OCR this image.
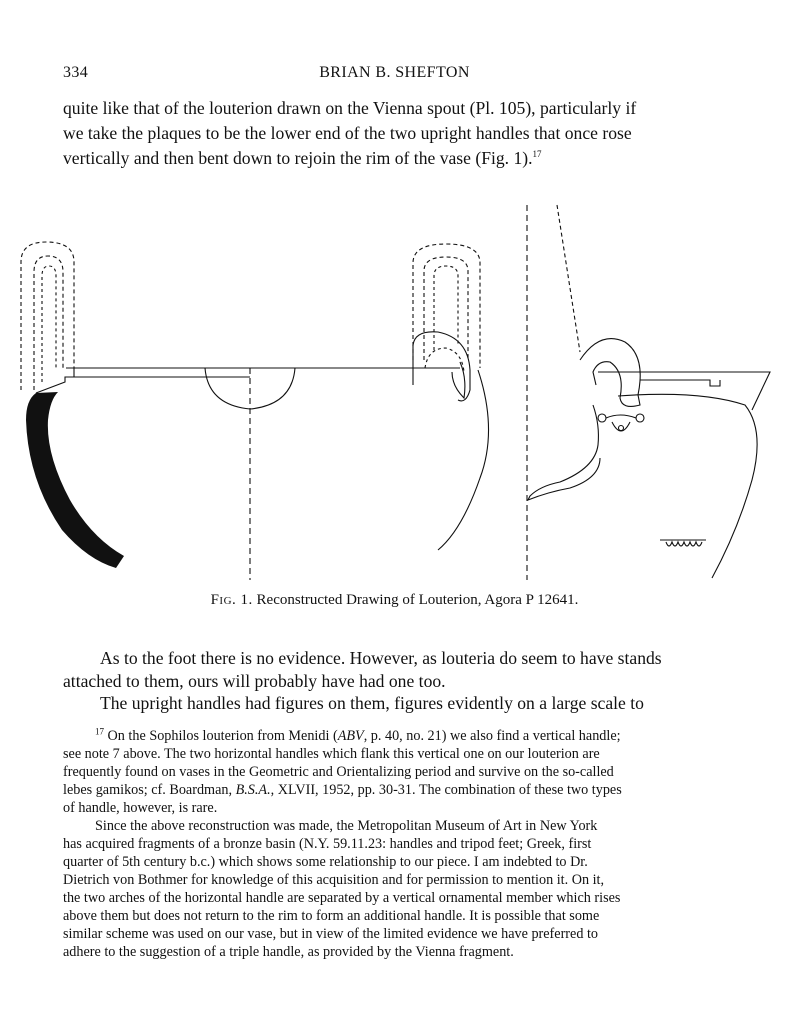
334	BRIAN B. SHEFTON
quite like that of the louterion drawn on the Vienna spout (Pl. 105), particularly if
we take the plaques to be the lower end of the two upright handles that once rose
vertically and then bent down to rejoin the rim of the vase (Fig. 1).$^{17}$
Fig. 1. Reconstructed Drawing of Louterion, Agora P 12641.
As to the foot there is no evidence. However, as louteria do seem to have stands
attached to them, ours will probably have had one too.
The upright handles had figures on them, figures evidently on a large scale to
$^{17}$ On the Sophilos louterion from Menidi (ABV, p. 40, no. 21) we also find a vertical handle;
see note 7 above. The two horizontal handles which flank this vertical one on our louterion are
frequently found on vases in the Geometric and Orientalizing period and survive on the so-called
lebes gamikos; cf. Boardman, B.S.A., XLVII, 1952, pp. 30-31. The combination of these two types
of handle, however, is rare.
Since the above reconstruction was made, the Metropolitan Museum of Art in New York
has acquired fragments of a bronze basin (N.Y. 59.11.23: handles and tripod feet; Greek, first
quarter of 5th century b.c.) which shows some relationship to our piece. I am indebted to Dr.
Dietrich von Bothmer for knowledge of this acquisition and for permission to mention it. On it,
the two arches of the horizontal handle are separated by a vertical ornamental member which rises
above them but does not return to the rim to form an additional handle. It is possible that some
similar scheme was used on our vase, but in view of the limited evidence we have preferred to
adhere to the suggestion of a triple handle, as provided by the Vienna fragment.
